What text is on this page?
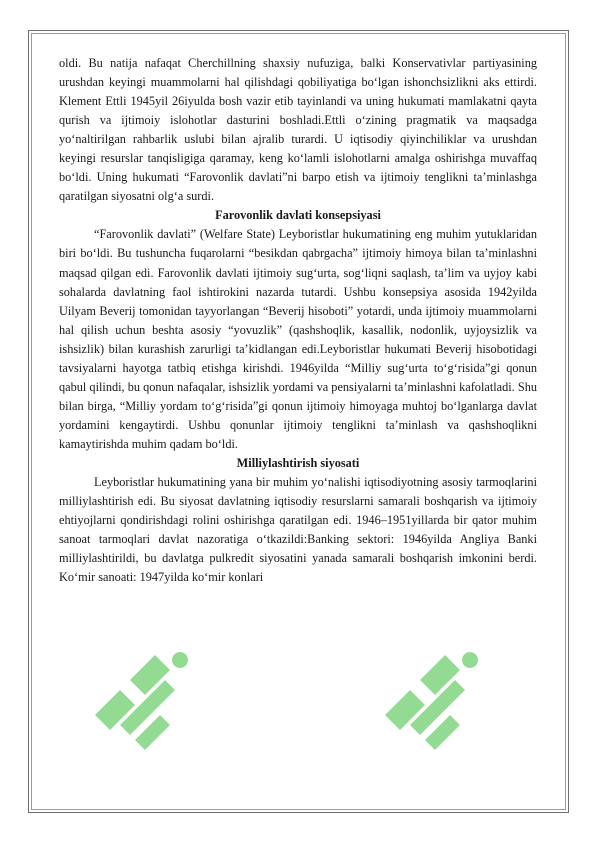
oldi. Bu natija nafaqat Cherchillning shaxsiy nufuziga, balki Konservativlar partiyasining urushdan keyingi muammolarni hal qilishdagi qobiliyatiga bo‘lgan ishonchsizlikni aks ettirdi. Klement Ettli 1945yil 26iyulda bosh vazir etib tayinlandi va uning hukumati mamlakatni qayta qurish va ijtimoiy islohotlar dasturini boshladi.Ettli o‘zining pragmatik va maqsadga yo‘naltirilgan rahbarlik uslubi bilan ajralib turardi. U iqtisodiy qiyinchiliklar va urushdan keyingi resurslar tanqisligiga qaramay, keng ko‘lamli islohotlarni amalga oshirishga muvaffaq bo‘ldi. Uning hukumati “Farovonlik davlati”ni barpo etish va ijtimoiy tenglikni ta’minlashga qaratilgan siyosatni olg‘a surdi.

Farovonlik davlati konsepsiyasi

“Farovonlik davlati” (Welfare State) Leyboristlar hukumatining eng muhim yutuklaridan biri bo‘ldi. Bu tushuncha fuqarolarni “besikdan qabrgacha” ijtimoiy himoya bilan ta’minlashni maqsad qilgan edi. Farovonlik davlati ijtimoiy sug‘urta, sog‘liqni saqlash, ta’lim va uyjoy kabi sohalarda davlatning faol ishtirokini nazarda tutardi. Ushbu konsepsiya asosida 1942yilda Uilyam Beverij tomonidan tayyorlangan “Beverij hisoboti” yotardi, unda ijtimoiy muammolarni hal qilish uchun beshta asosiy “yovuzlik” (qashshoqlik, kasallik, nodonlik, uyjoysizlik va ishsizlik) bilan kurashish zarurligi ta’kidlangan edi.Leyboristlar hukumati Beverij hisobotidagi tavsiyalarni hayotga tatbiq etishga kirishdi. 1946yilda “Milliy sug‘urta to‘g‘risida”gi qonun qabul qilindi, bu qonun nafaqalar, ishsizlik yordami va pensiyalarni ta’minlashni kafolatladi. Shu bilan birga, “Milliy yordam to‘g‘risida”gi qonun ijtimoiy himoyaga muhtoj bo‘lganlarga davlat yordamini kengaytirdi. Ushbu qonunlar ijtimoiy tenglikni ta’minlash va qashshoqlikni kamaytirishda muhim qadam bo‘ldi.

Milliylashtirish siyosati

Leyboristlar hukumatining yana bir muhim yo‘nalishi iqtisodiyotning asosiy tarmoqlarini milliylashtirish edi. Bu siyosat davlatning iqtisodiy resurslarni samarali boshqarish va ijtimoiy ehtiyojlarni qondirishdagi rolini oshirishga qaratilgan edi. 1946–1951yillarda bir qator muhim sanoat tarmoqlari davlat nazoratiga o‘tkazildi:Banking sektori: 1946yilda Angliya Banki milliylashtirildi, bu davlatga pulkredit siyosatini yanada samarali boshqarish imkonini berdi. Ko‘mir sanoati: 1947yilda ko‘mir konlari
